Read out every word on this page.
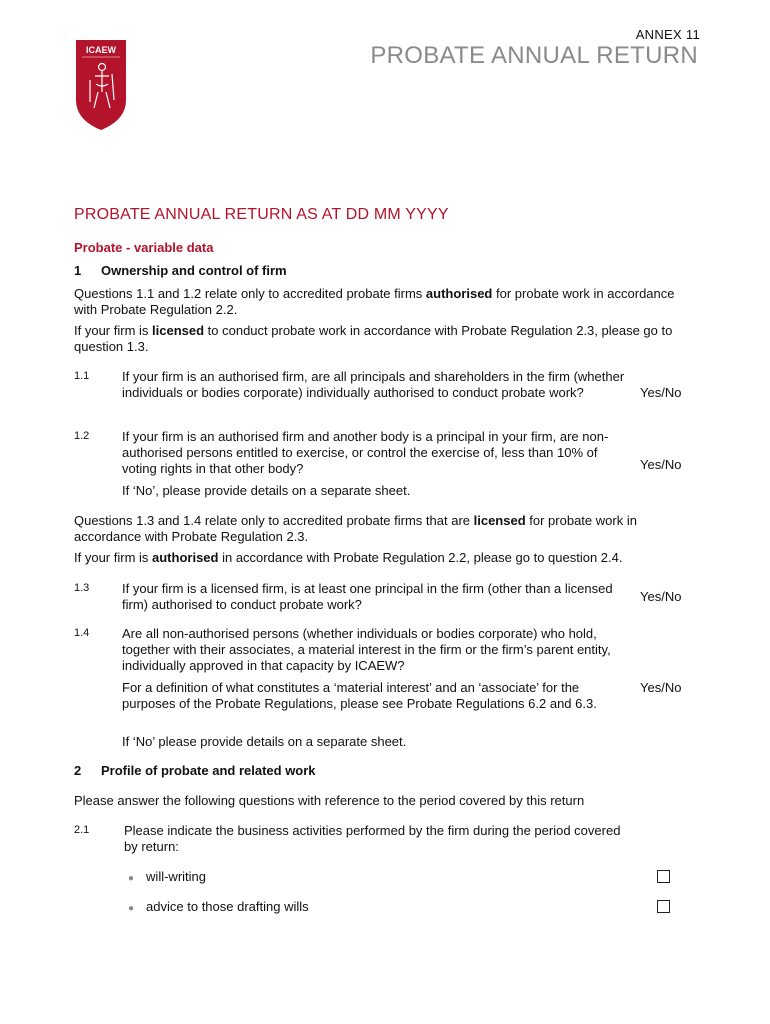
ICAEW
ANNEX 11
PROBATE ANNUAL RETURN
PROBATE ANNUAL RETURN AS AT DD MM YYYY
Probate - variable data
1 Ownership and control of firm
Questions 1.1 and 1.2 relate only to accredited probate firms authorised for probate work in accordance with Probate Regulation 2.2.
If your firm is licensed to conduct probate work in accordance with Probate Regulation 2.3, please go to question 1.3.
1.1	If your firm is an authorised firm, are all principals and shareholders in the firm (whether individuals or bodies corporate) individually authorised to conduct probate work?	Yes/No
1.2	If your firm is an authorised firm and another body is a principal in your firm, are non-authorised persons entitled to exercise, or control the exercise of, less than 10% of voting rights in that other body?	Yes/No
If ‘No’, please provide details on a separate sheet.
Questions 1.3 and 1.4 relate only to accredited probate firms that are licensed for probate work in accordance with Probate Regulation 2.3.
If your firm is authorised in accordance with Probate Regulation 2.2, please go to question 2.4.
1.3	If your firm is a licensed firm, is at least one principal in the firm (other than a licensed firm) authorised to conduct probate work?
Yes/No
1.4	Are all non-authorised persons (whether individuals or bodies corporate) who hold, together with their associates, a material interest in the firm or the firm’s parent entity, individually approved in that capacity by ICAEW?
For a definition of what constitutes a ‘material interest’ and an ‘associate’ for the purposes of the Probate Regulations, please see Probate Regulations 6.2 and 6.3.
Yes/No
If ‘No’ please provide details on a separate sheet.
2 Profile of probate and related work
Please answer the following questions with reference to the period covered by this return
2.1	Please indicate the business activities performed by the firm during the period covered by return:
● will-writing
● advice to those drafting wills
